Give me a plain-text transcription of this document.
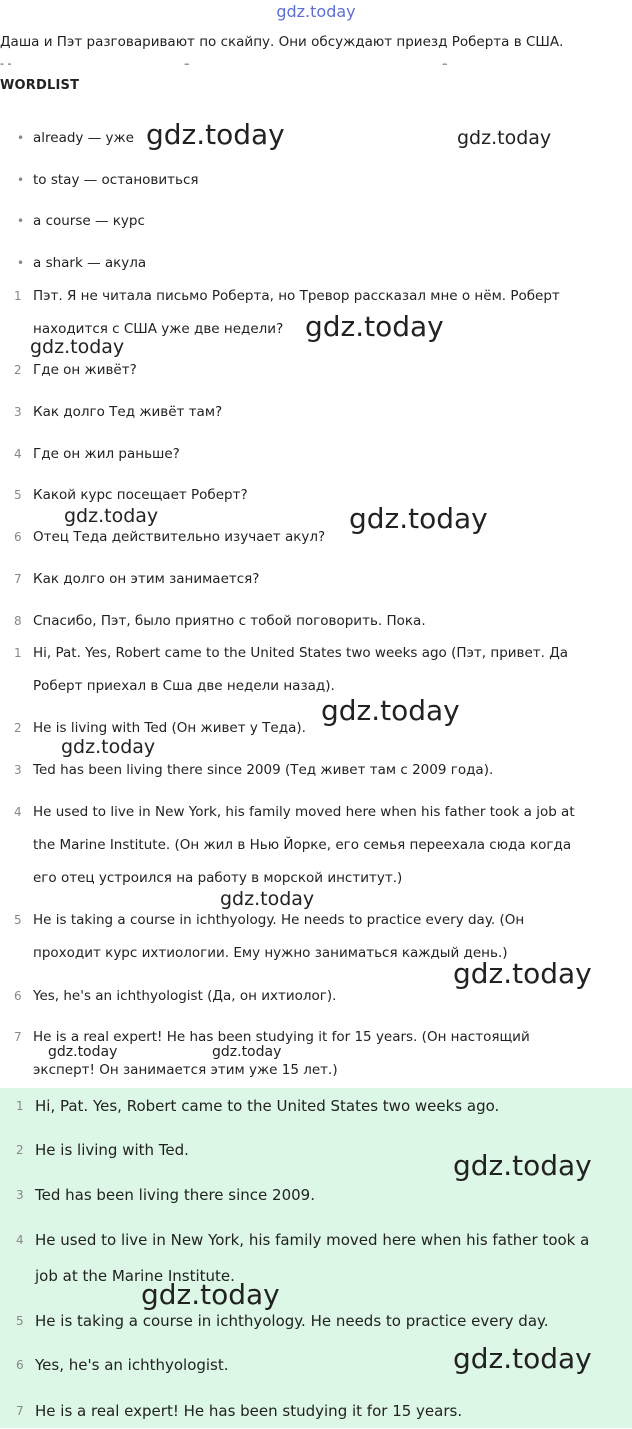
gdz.today
Даша и Пэт разговаривают по скайпу. Они обсуждают приезд Роберта в США.
- -	–	–
WORDLIST
• already — уже
• to stay — остановиться
• a course — курс
• a shark — акула
1 Пэт. Я не читала письмо Роберта, но Тревор рассказал мне о нём. Роберт
находится с США уже две недели?
2 Где он живёт?
3 Как долго Тед живёт там?
4 Где он жил раньше?
5 Какой курс посещает Роберт?
6 Отец Теда действительно изучает акул?
7 Как долго он этим занимается?
8 Спасибо, Пэт, было приятно с тобой поговорить. Пока.
1 Hi, Pat. Yes, Robert came to the United States two weeks ago (Пэт, привет. Да
Роберт приехал в Сша две недели назад).
2 He is living with Ted (Он живет у Теда).
3 Ted has been living there since 2009 (Тед живет там с 2009 года).
4 He used to live in New York, his family moved here when his father took a job at
the Marine Institute. (Он жил в Нью Йорке, его семья переехала сюда когда
его отец устроился на работу в морской институт.)
5 He is taking a course in ichthyology. He needs to practice every day. (Он
проходит курс ихтиологии. Ему нужно заниматься каждый день.)
6 Yes, he's an ichthyologist (Да, он ихтиолог).
7 He is a real expert! He has been studying it for 15 years. (Он настоящий
эксперт! Он занимается этим уже 15 лет.)
1 Hi, Pat. Yes, Robert came to the United States two weeks ago.
2 He is living with Ted.
3 Ted has been living there since 2009.
4 He used to live in New York, his family moved here when his father took a
job at the Marine Institute.
5 He is taking a course in ichthyology. He needs to practice every day.
6 Yes, he's an ichthyologist.
7 He is a real expert! He has been studying it for 15 years.
gdz.today	gdz.today
gdz.today
gdz.today
gdz.today	gdz.today
gdz.today
gdz.today
gdz.today
gdz.today
gdz.today	gdz.today
gdz.today
gdz.today
gdz.today
